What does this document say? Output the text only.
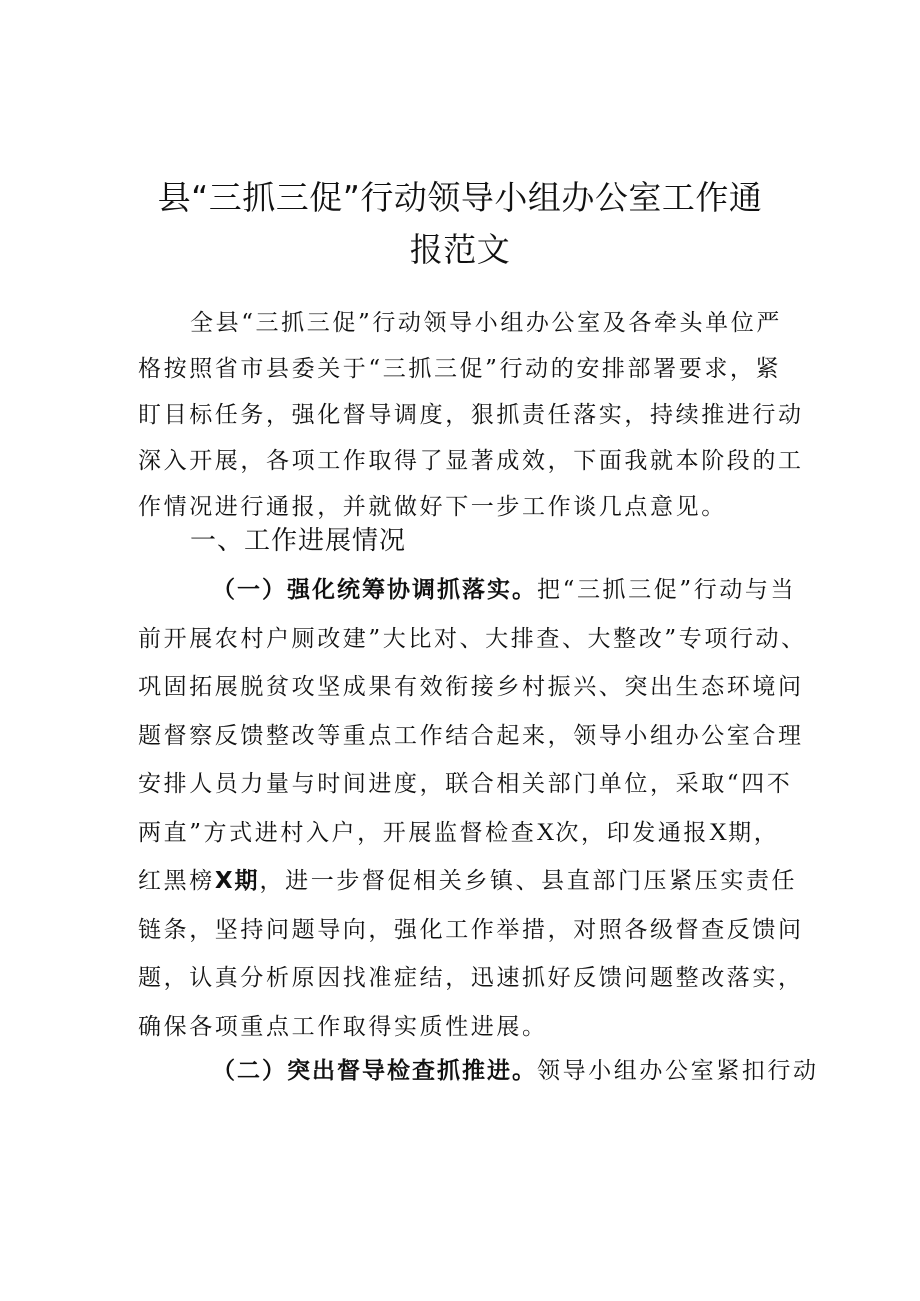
县“三抓三促”行动领导小组办公室工作通
报范文
全县“三抓三促”行动领导小组办公室及各牵头单位严
格按照省市县委关于“三抓三促”行动的安排部署要求，紧
盯目标任务，强化督导调度，狠抓责任落实，持续推进行动
深入开展，各项工作取得了显著成效，下面我就本阶段的工
作情况进行通报，并就做好下一步工作谈几点意见。
一、工作进展情况
（一）强化统筹协调抓落实。把“三抓三促”行动与当
前开展农村户厕改建”大比对、大排查、大整改”专项行动、
巩固拓展脱贫攻坚成果有效衔接乡村振兴、突出生态环境问
题督察反馈整改等重点工作结合起来，领导小组办公室合理
安排人员力量与时间进度，联合相关部门单位，采取“四不
两直”方式进村入户，开展监督检查X次，印发通报X期，
红黑榜X期，进一步督促相关乡镇、县直部门压紧压实责任
链条，坚持问题导向，强化工作举措，对照各级督查反馈问
题，认真分析原因找准症结，迅速抓好反馈问题整改落实，
确保各项重点工作取得实质性进展。
（二）突出督导检查抓推进。领导小组办公室紧扣行动
